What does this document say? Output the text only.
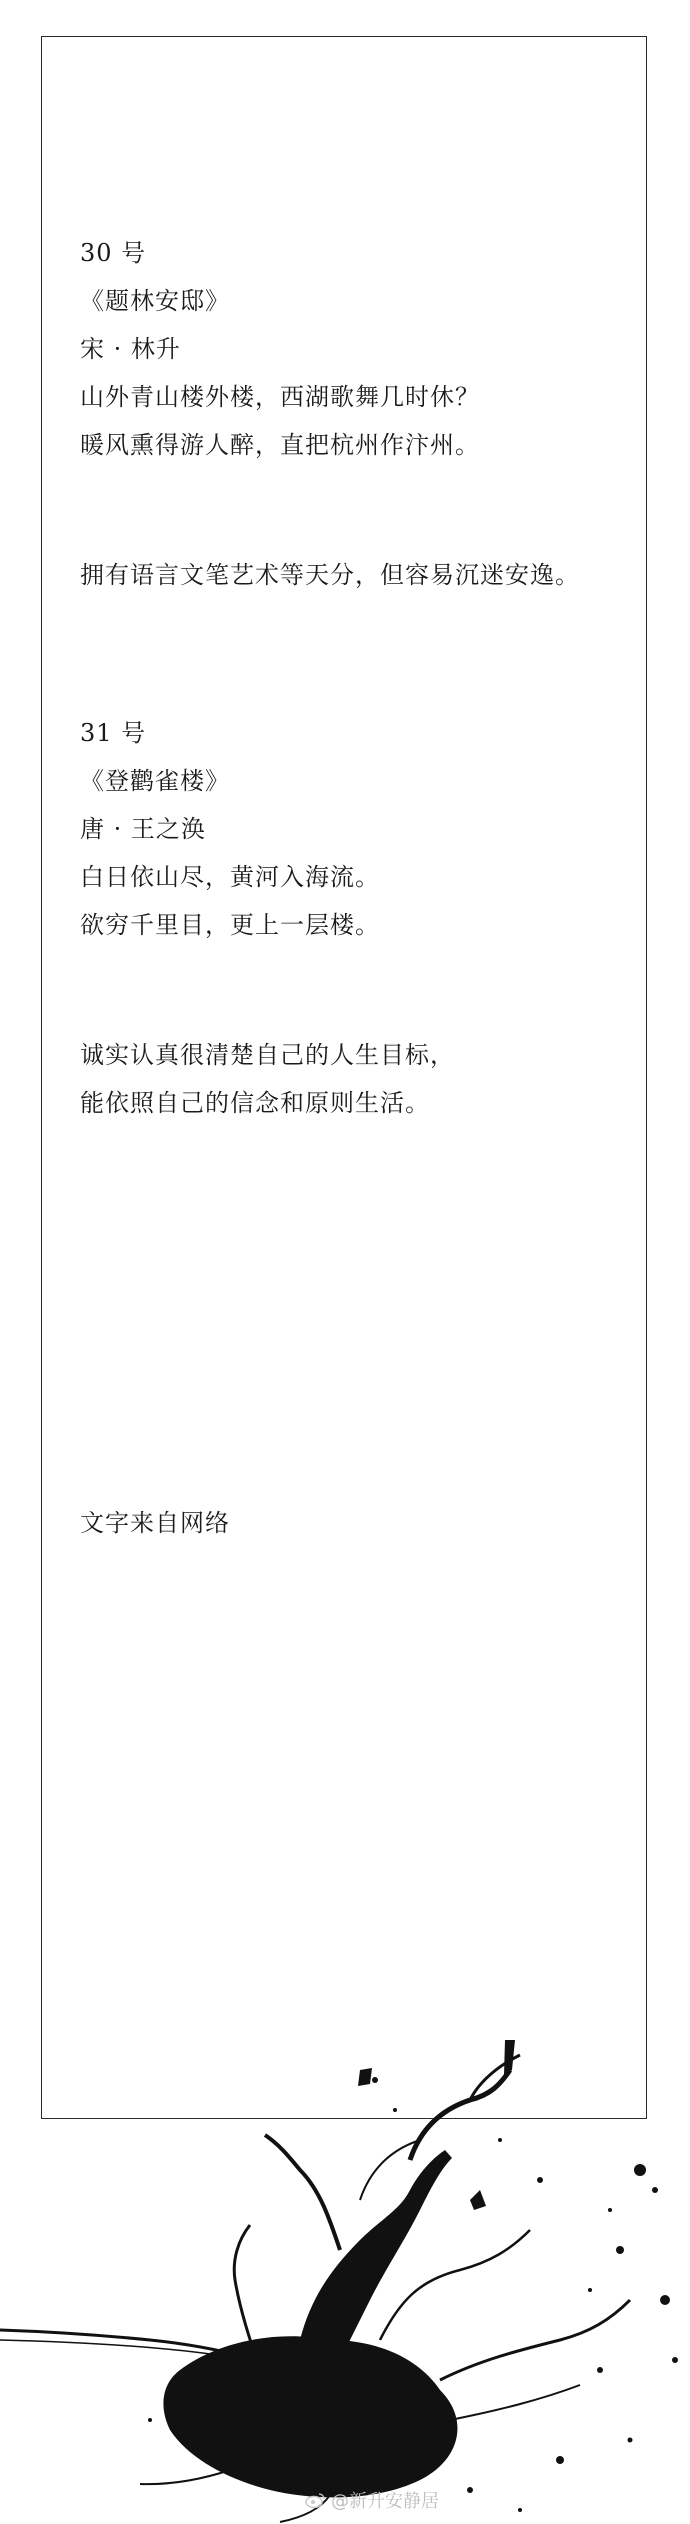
30 号
《题林安邸》
宋 · 林升
山外青山楼外楼，西湖歌舞几时休？
暖风熏得游人醉，直把杭州作汴州。
拥有语言文笔艺术等天分，但容易沉迷安逸。
31 号
《登鹳雀楼》
唐 · 王之涣
白日依山尽，黄河入海流。
欲穷千里目，更上一层楼。
诚实认真很清楚自己的人生目标，
能依照自己的信念和原则生活。
文字来自网络
@新升安静居
